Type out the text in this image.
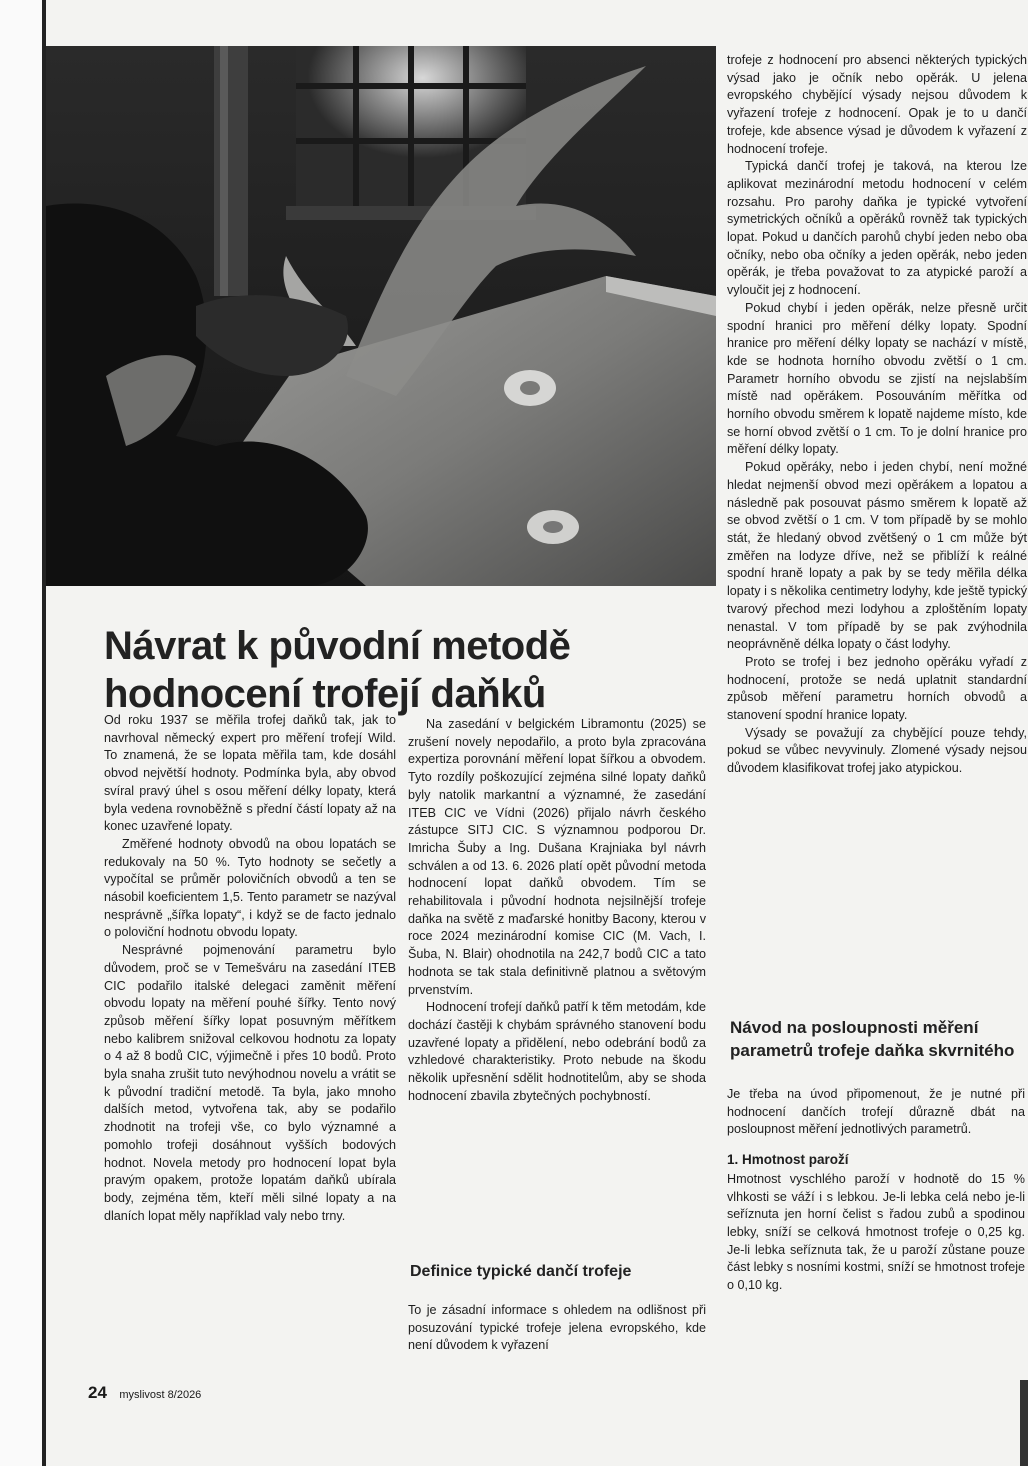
Návrat k původní metodě
hodnocení trofejí daňků

Od roku 1937 se měřila trofej daňků tak, jak to navrhoval německý expert pro měření trofejí Wild. To znamená, že se lopata měřila tam, kde dosáhl obvod největší hodnoty. Podmínka byla, aby obvod svíral pravý úhel s osou měření délky lopaty, která byla vedena rovnoběžně s přední částí lopaty až na konec uzavřené lopaty.

Změřené hodnoty obvodů na obou lopatách se redukovaly na 50 %. Tyto hodnoty se sečetly a vypočítal se průměr polovičních obvodů a ten se násobil koeficientem 1,5. Tento parametr se nazýval nesprávně „šířka lopaty“, i když se de facto jednalo o poloviční hodnotu obvodu lopaty.

Nesprávné pojmenování parametru bylo důvodem, proč se v Temešváru na zasedání ITEB CIC podařilo italské delegaci zaměnit měření obvodu lopaty na měření pouhé šířky. Tento nový způsob měření šířky lopat posuvným měřítkem nebo kalibrem snižoval celkovou hodnotu za lopaty o 4 až 8 bodů CIC, výjimečně i přes 10 bodů. Proto byla snaha zrušit tuto nevýhodnou novelu a vrátit se k původní tradiční metodě. Ta byla, jako mnoho dalších metod, vytvořena tak, aby se podařilo zhodnotit na trofeji vše, co bylo významné a pomohlo trofeji dosáhnout vyšších bodových hodnot. Novela metody pro hodnocení lopat byla pravým opakem, protože lopatám daňků ubírala body, zejména těm, kteří měli silné lopaty a na dlaních lopat měly například valy nebo trny.

Na zasedání v belgickém Libramontu (2025) se zrušení novely nepodařilo, a proto byla zpracována expertiza porovnání měření lopat šířkou a obvodem. Tyto rozdíly poškozující zejména silné lopaty daňků byly natolik markantní a významné, že zasedání ITEB CIC ve Vídni (2026) přijalo návrh českého zástupce SITJ CIC. S významnou podporou Dr. Imricha Šuby a Ing. Dušana Krajniaka byl návrh schválen a od 13. 6. 2026 platí opět původní metoda hodnocení lopat daňků obvodem. Tím se rehabilitovala i původní hodnota nejsilnější trofeje daňka na světě z maďarské honitby Bacony, kterou v roce 2024 mezinárodní komise CIC (M. Vach, I. Šuba, N. Blair) ohodnotila na 242,7 bodů CIC a tato hodnota se tak stala definitivně platnou a světovým prvenstvím.

Hodnocení trofejí daňků patří k těm metodám, kde dochází častěji k chybám správného stanovení bodu uzavřené lopaty a přidělení, nebo odebrání bodů za vzhledové charakteristiky. Proto nebude na škodu několik upřesnění sdělit hodnotitelům, aby se shoda hodnocení zbavila zbytečných pochybností.

Definice typické dančí trofeje

To je zásadní informace s ohledem na odlišnost při posuzování typické trofeje jelena evropského, kde není důvodem k vyřazení

trofeje z hodnocení pro absenci některých typických výsad jako je očník nebo opěrák. U jelena evropského chybějící výsady nejsou důvodem k vyřazení trofeje z hodnocení. Opak je to u dančí trofeje, kde absence výsad je důvodem k vyřazení z hodnocení trofeje.

Typická dančí trofej je taková, na kterou lze aplikovat mezinárodní metodu hodnocení v celém rozsahu. Pro parohy daňka je typické vytvoření symetrických očníků a opěráků rovněž tak typických lopat. Pokud u dančích parohů chybí jeden nebo oba očníky, nebo oba očníky a jeden opěrák, nebo jeden opěrák, je třeba považovat to za atypické paroží a vyloučit jej z hodnocení.

Pokud chybí i jeden opěrák, nelze přesně určit spodní hranici pro měření délky lopaty. Spodní hranice pro měření délky lopaty se nachází v místě, kde se hodnota horního obvodu zvětší o 1 cm. Parametr horního obvodu se zjistí na nejslabším místě nad opěrákem. Posouváním měřítka od horního obvodu směrem k lopatě najdeme místo, kde se horní obvod zvětší o 1 cm. To je dolní hranice pro měření délky lopaty.

Pokud opěráky, nebo i jeden chybí, není možné hledat nejmenší obvod mezi opěrákem a lopatou a následně pak posouvat pásmo směrem k lopatě až se obvod zvětší o 1 cm. V tom případě by se mohlo stát, že hledaný obvod zvětšený o 1 cm může být změřen na lodyze dříve, než se přiblíží k reálné spodní hraně lopaty a pak by se tedy měřila délka lopaty i s několika centimetry lodyhy, kde ještě typický tvarový přechod mezi lodyhou a zploštěním lopaty nenastal. V tom případě by se pak zvýhodnila neoprávněně délka lopaty o část lodyhy.

Proto se trofej i bez jednoho opěráku vyřadí z hodnocení, protože se nedá uplatnit standardní způsob měření parametru horních obvodů a stanovení spodní hranice lopaty.

Výsady se považují za chybějící pouze tehdy, pokud se vůbec nevyvinuly. Zlomené výsady nejsou důvodem klasifikovat trofej jako atypickou.

Návod na posloupnosti měření parametrů trofeje daňka skvrnitého

Je třeba na úvod připomenout, že je nutné při hodnocení dančích trofejí důrazně dbát na posloupnost měření jednotlivých parametrů.

1. Hmotnost paroží

Hmotnost vyschlého paroží v hodnotě do 15 % vlhkosti se váží i s lebkou. Je-li lebka celá nebo je-li seříznuta jen horní čelist s řadou zubů a spodinou lebky, sníží se celková hmotnost trofeje o 0,25 kg. Je-li lebka seříznuta tak, že u paroží zůstane pouze část lebky s nosními kostmi, sníží se hmotnost trofeje o 0,10 kg.

24 myslivost 8/2026
